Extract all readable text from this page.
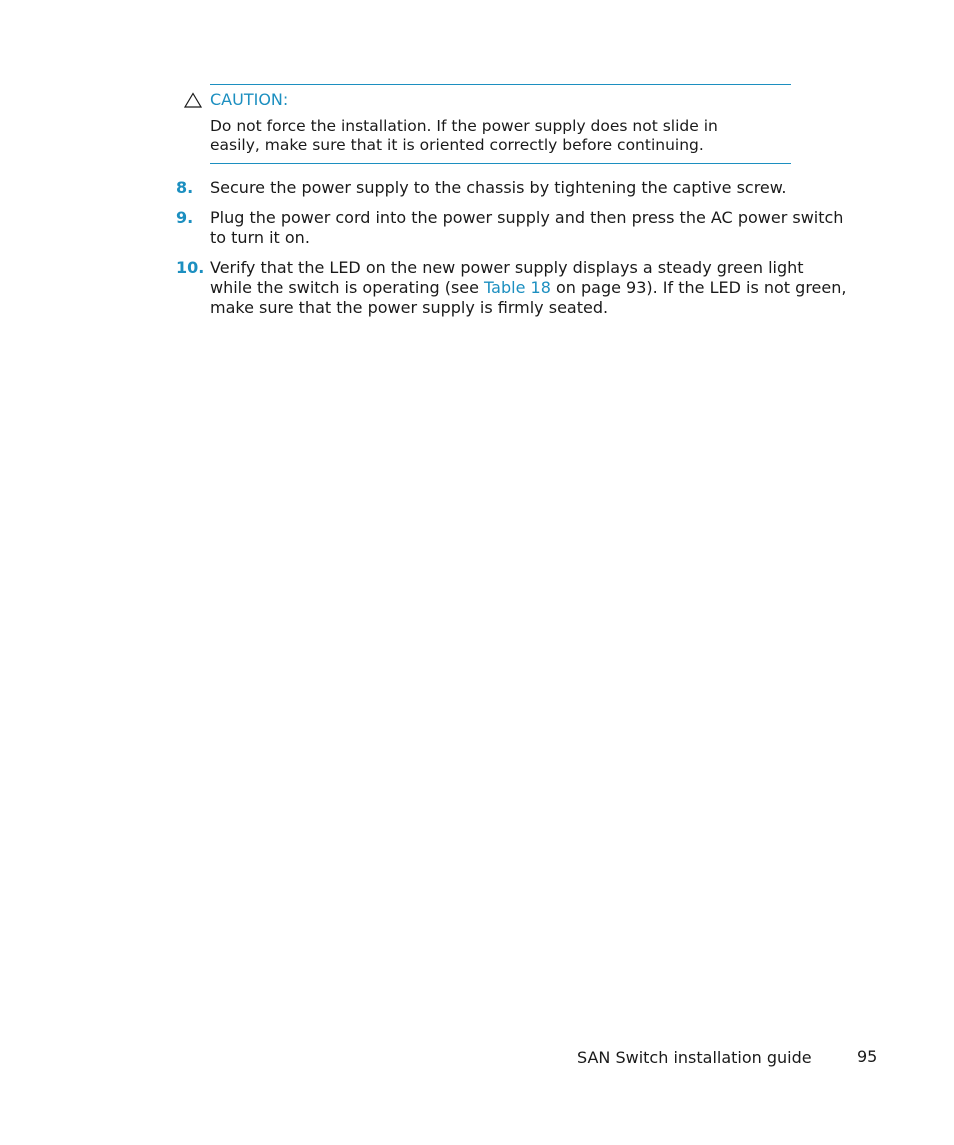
CAUTION:
Do not force the installation. If the power supply does not slide in easily, make sure that it is oriented correctly before continuing.
8. Secure the power supply to the chassis by tightening the captive screw.
9. Plug the power cord into the power supply and then press the AC power switch to turn it on.
10. Verify that the LED on the new power supply displays a steady green light while the switch is operating (see Table 18 on page 93). If the LED is not green, make sure that the power supply is firmly seated.
SAN Switch installation guide	95
